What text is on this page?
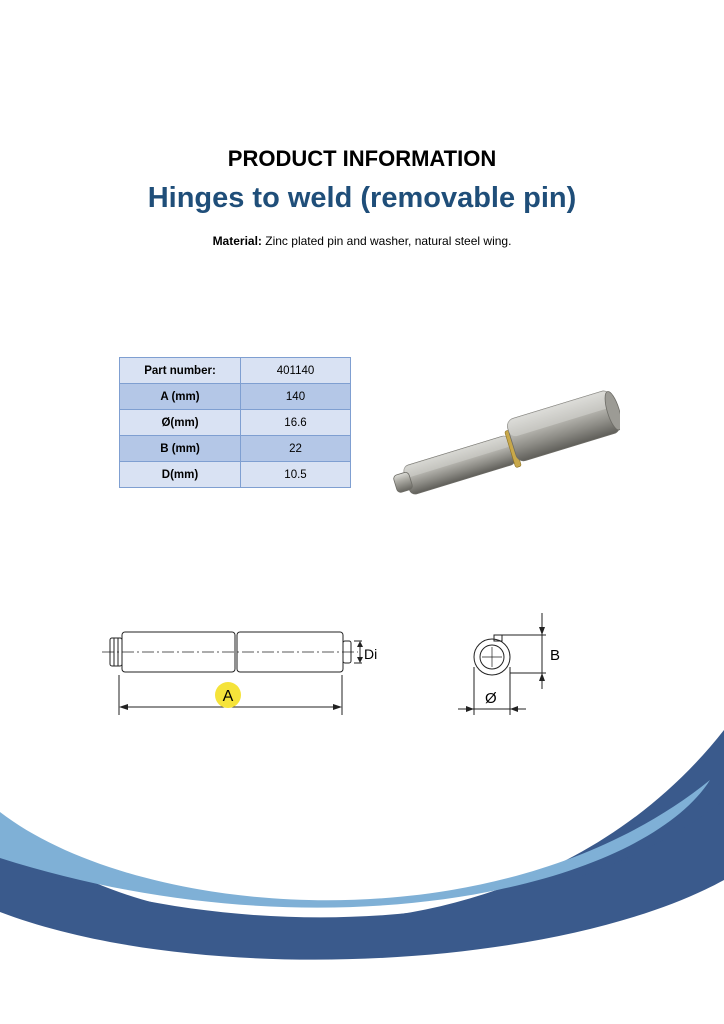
PRODUCT INFORMATION
Hinges to weld (removable pin)

Material: Zinc plated pin and washer, natural steel wing.

Part number:	401140
A (mm)	140
Ø(mm)	16.6
B (mm)	22
D(mm)	10.5
A
Di	B
Ø
